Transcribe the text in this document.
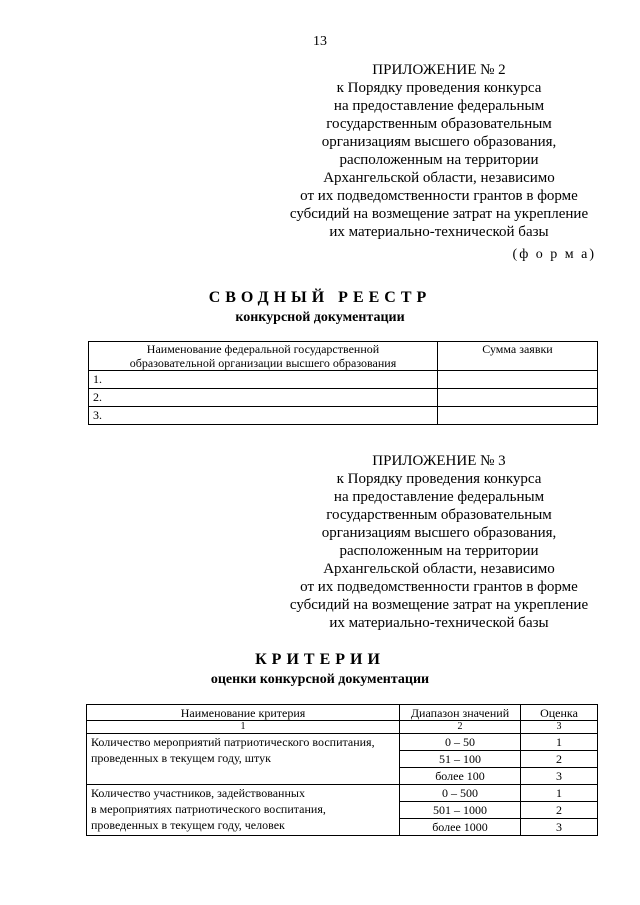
13
ПРИЛОЖЕНИЕ № 2
к Порядку проведения конкурса
на предоставление федеральным
государственным образовательным
организациям высшего образования,
расположенным на территории
Архангельской области, независимо
от их подведомственности грантов в форме
субсидий на возмещение затрат на укрепление
их материально-технической базы
(ф о р м а)
СВОДНЫЙ РЕЕСТР
конкурсной документации
Наименование федеральной государственной
образовательной организации высшего образования	Сумма заявки
1.	
2.	
3.	
ПРИЛОЖЕНИЕ № 3
к Порядку проведения конкурса
на предоставление федеральным
государственным образовательным
организациям высшего образования,
расположенным на территории
Архангельской области, независимо
от их подведомственности грантов в форме
субсидий на возмещение затрат на укрепление
их материально-технической базы
КРИТЕРИИ
оценки конкурсной документации
Наименование критерия	Диапазон значений	Оценка
1	2	3
Количество мероприятий патриотического воспитания,
проведенных в текущем году, штук	0 – 50	1
	51 – 100	2
	более 100	3
Количество участников, задействованных
в мероприятиях патриотического воспитания,
проведенных в текущем году, человек	0 – 500	1
	501 – 1000	2
	более 1000	3
